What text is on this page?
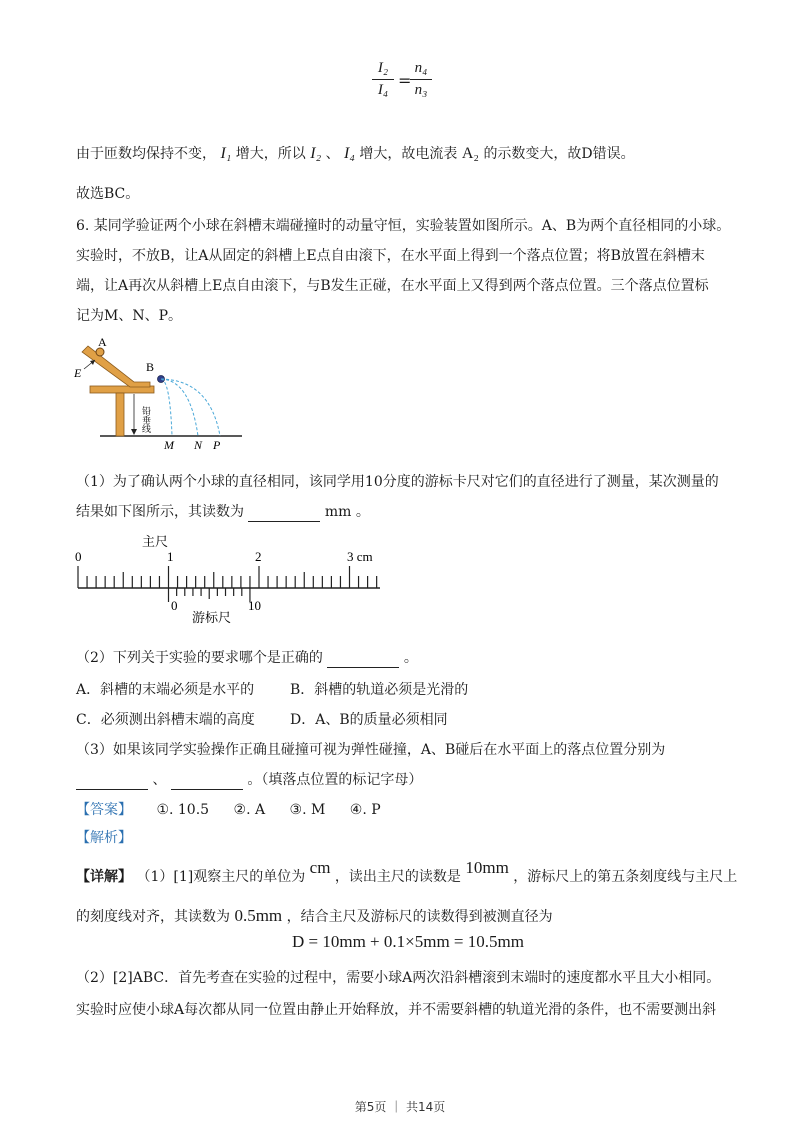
I₂
I₄ =
n₄
n₃
由于匝数均保持不变， I₁ 增大，所以 I₂ 、 I₄ 增大，故电流表 A₂ 的示数变大，故D错误。
故选BC。
6. 某同学验证两个小球在斜槽末端碰撞时的动量守恒，实验装置如图所示。A、B为两个直径相同的小球。
实验时，不放B，让A从固定的斜槽上E点自由滚下，在水平面上得到一个落点位置；将B放置在斜槽末
端，让A再次从斜槽上E点自由滚下，与B发生正碰，在水平面上又得到两个落点位置。三个落点位置标
记为M、N、P。
A
B
E
M N P
铅垂线
（1）为了确认两个小球的直径相同，该同学用10分度的游标卡尺对它们的直径进行了测量，某次测量的
结果如下图所示，其读数为	mm 。
主尺
0	1	2	3 cm
0	10
游标尺
（2）下列关于实验的要求哪个是正确的	。
A．斜槽的末端必须是水平的	B．斜槽的轨道必须是光滑的
C．必须测出斜槽末端的高度	D．A、B的质量必须相同
（3）如果该同学实验操作正确且碰撞可视为弹性碰撞，A、B碰后在水平面上的落点位置分别为
、	。（填落点位置的标记字母）
【答案】 ①. 10.5 ②. A ③. M ④. P
【解析】
【详解】 （1）[1]观察主尺的单位为 cm ，读出主尺的读数是 10mm ，游标尺上的第五条刻度线与主尺上
的刻度线对齐，其读数为 0.5mm ，结合主尺及游标尺的读数得到被测直径为
D = 10mm + 0.1×5mm = 10.5mm
（2）[2]ABC．首先考查在实验的过程中，需要小球A两次沿斜槽滚到末端时的速度都水平且大小相同。
实验时应使小球A每次都从同一位置由静止开始释放，并不需要斜槽的轨道光滑的条件，也不需要测出斜
第5页 ｜ 共14页
